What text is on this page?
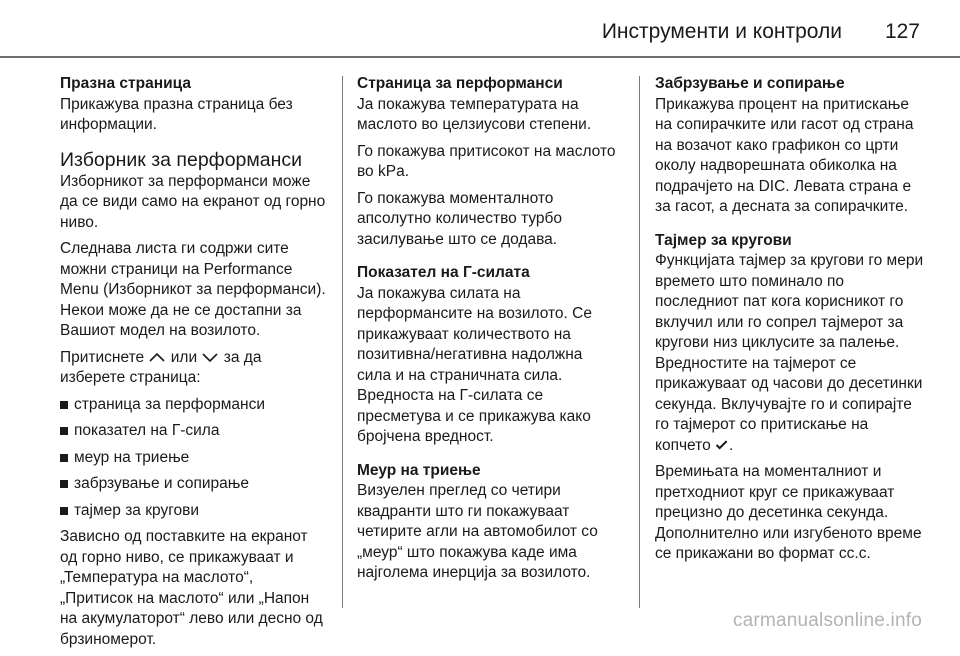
Инструменти и контроли 127

Празна страница

Прикажува празна страница без информации.

Изборник за перформанси

Изборникот за перформанси може да се види само на екранот од горно ниво.

Следнава листа ги содржи сите можни страници на Performance Menu (Изборникот за перформанси). Некои може да не се достапни за Вашиот модел на возилото.

Притиснете или за да изберете страница:

страница за перформанси
показател на Г-сила
меур на триење
забрзување и сопирање
тајмер за кругови

Зависно од поставките на екранот од горно ниво, се прикажуваат и „Температура на маслото“, „Притисок на маслото“ или „Напон на акумулаторот“ лево или десно од брзиномерот.

Страница за перформанси

Ја покажува температурата на маслото во целзиусови степени.

Го покажува притисокот на маслото во kPa.

Го покажува моменталното апсолутно количество турбо засилување што се додава.

Показател на Г-силата

Ја покажува силата на перформансите на возилото. Се прикажуваат количеството на позитивна/негативна надолжна сила и на страничната сила. Вредноста на Г-силата се пресметува и се прикажува како бројчена вредност.

Меур на триење

Визуелен преглед со четири квадранти што ги покажуваат четирите агли на автомобилот со „меур“ што покажува каде има најголема инерција за возилото.

Забрзување и сопирање

Прикажува процент на притискање на сопирачките или гасот од страна на возачот како графикон со црти околу надворешната обиколка на подрачјето на DIC. Левата страна е за гасот, а десната за сопирачките.

Тајмер за кругови

Функцијата тајмер за кругови го мери времето што поминало по последниот пат кога корисникот го вклучил или го сопрел тајмерот за кругови низ циклусите за палење. Вредностите на тајмерот се прикажуваат од часови до десетинки секунда. Вклучувајте го и сопирајте го тајмерот со притискање на копчето .

Времињата на моменталниот и претходниот круг се прикажуваат прецизно до десетинка секунда. Дополнително или изгубеното време се прикажани во формат сс.с.

carmanualsonline.info
